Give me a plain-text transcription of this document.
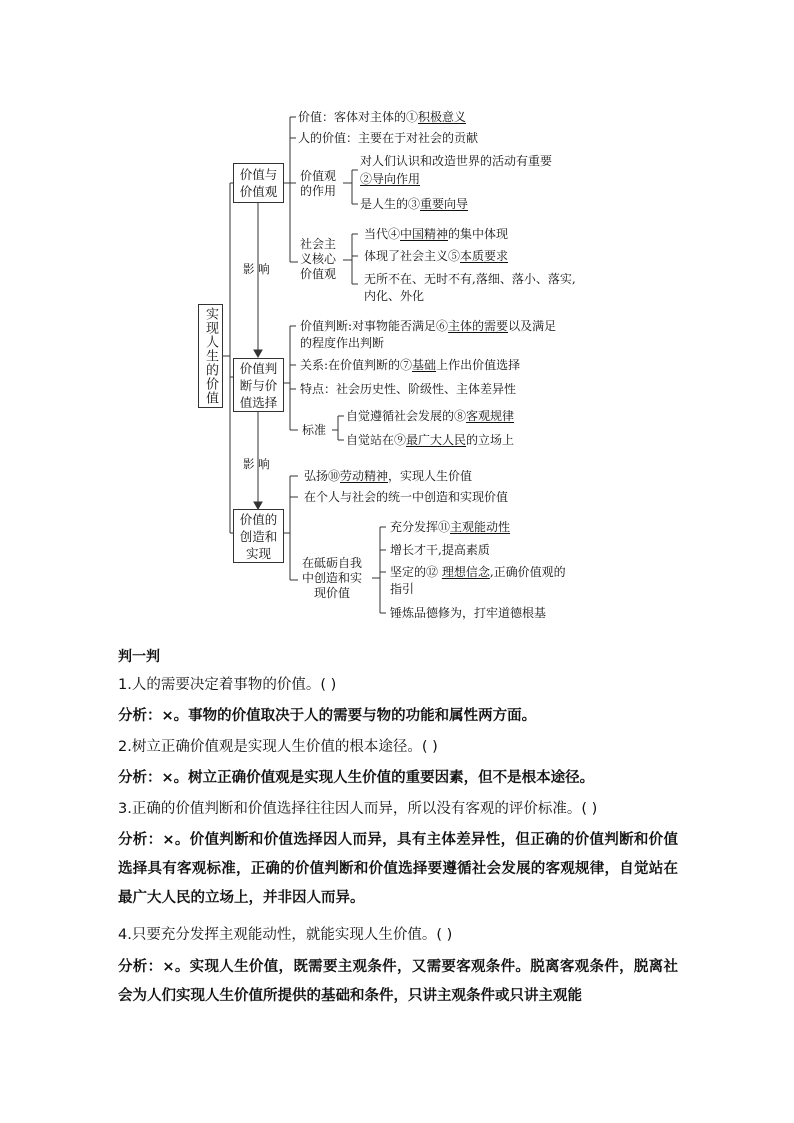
实现人生的价值
价值与
价值观
价值判
断与价
值选择
价值的
创造和
实现
影 响
影 响
价值：客体对主体的①积极意义
人的价值：主要在于对社会的贡献
价值观
的作用
对人们认识和改造世界的活动有重要
②导向作用
是人生的③重要向导
社会主
义核心
价值观
当代④中国精神的集中体现
体现了社会主义⑤本质要求
无所不在、无时不有,落细、落小、落实,
内化、外化
价值判断:对事物能否满足⑥主体的需要以及满足
的程度作出判断
关系:在价值判断的⑦基础上作出价值选择
特点：社会历史性、阶级性、主体差异性
标准
自觉遵循社会发展的⑧客观规律
自觉站在⑨最广大人民的立场上
弘扬⑩劳动精神，实现人生价值
在个人与社会的统一中创造和实现价值
在砥砺自我
中创造和实
现价值
充分发挥⑪主观能动性
增长才干,提高素质
坚定的⑫ 理想信念,正确价值观的
指引
锤炼品德修为，打牢道德根基
判一判
1.人的需要决定着事物的价值。( )
分析：×。事物的价值取决于人的需要与物的功能和属性两方面。
2.树立正确价值观是实现人生价值的根本途径。( )
分析：×。树立正确价值观是实现人生价值的重要因素，但不是根本途径。
3.正确的价值判断和价值选择往往因人而异，所以没有客观的评价标准。( )
分析：×。价值判断和价值选择因人而异，具有主体差异性，但正确的价值判断和价值选择具有客观标准，正确的价值判断和价值选择要遵循社会发展的客观规律，自觉站在最广大人民的立场上，并非因人而异。
4.只要充分发挥主观能动性，就能实现人生价值。( )
分析：×。实现人生价值，既需要主观条件，又需要客观条件。脱离客观条件，脱离社会为人们实现人生价值所提供的基础和条件，只讲主观条件或只讲主观能
